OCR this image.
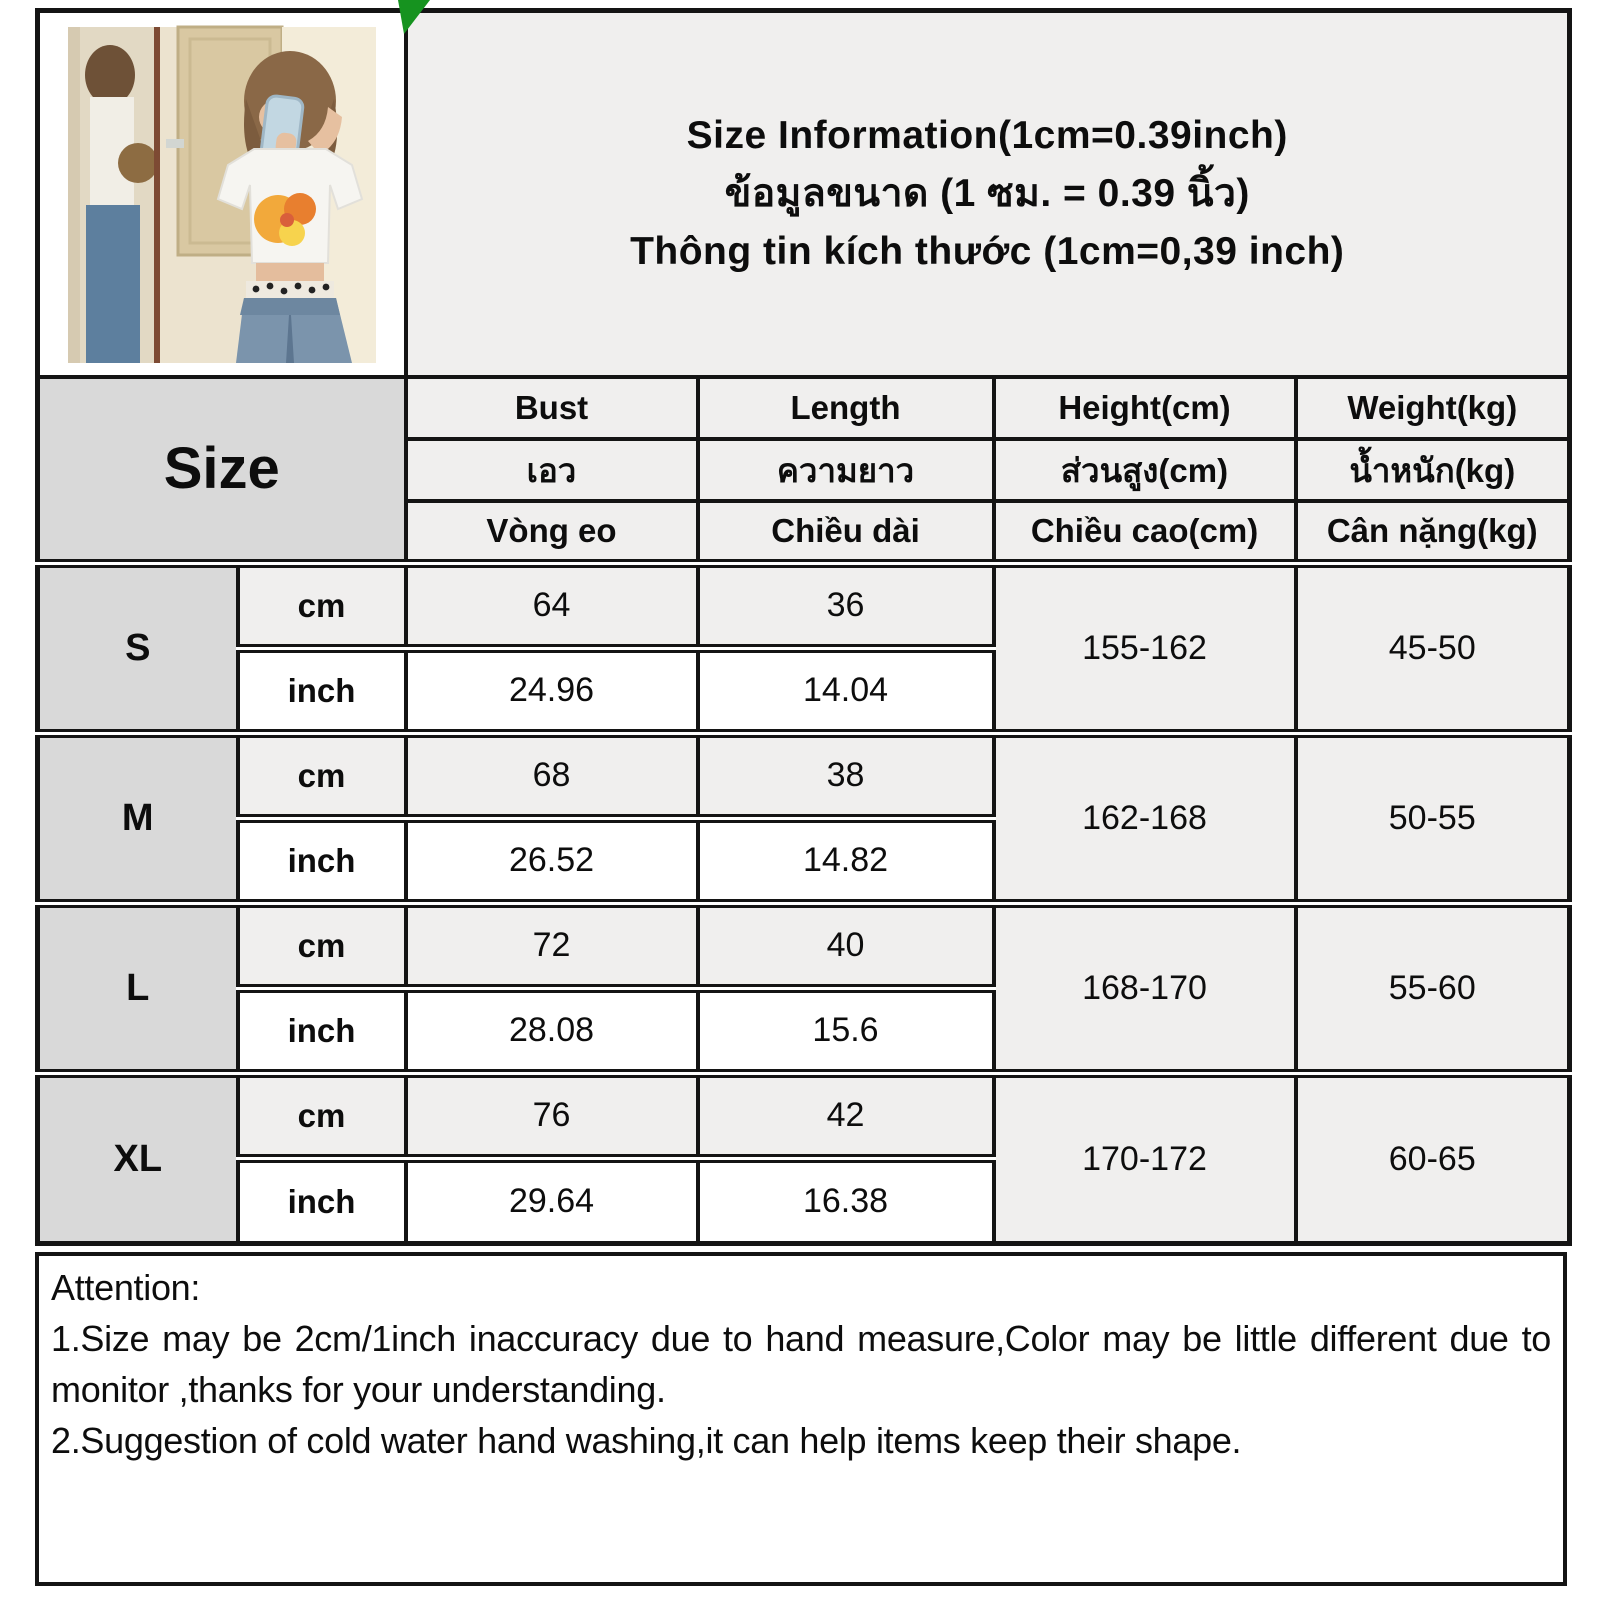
Size Information(1cm=0.39inch)
ข้อมูลขนาด (1 ซม. = 0.39 นิ้ว)
Thông tin kích thước (1cm=0,39 inch)			

Size		Bust	Length	Height(cm)	Weight(kg)
		เอว	ความยาว	ส่วนสูง(cm)	น้ำหนัก(kg)
		Vòng eo	Chiều dài	Chiều cao(cm)	Cân nặng(kg)
S	cm	64	36	155-162	45-50
	inch	24.96	14.04		
M	cm	68	38	162-168	50-55
	inch	26.52	14.82		
L	cm	72	40	168-170	55-60
	inch	28.08	15.6		
XL	cm	76	42	170-172	60-65
	inch	29.64	16.38		
Attention:

1.Size may be 2cm/1inch inaccuracy due to hand measure,Color may be little different due to monitor ,thanks for your understanding.

2.Suggestion of cold water hand washing,it can help items keep their shape.
